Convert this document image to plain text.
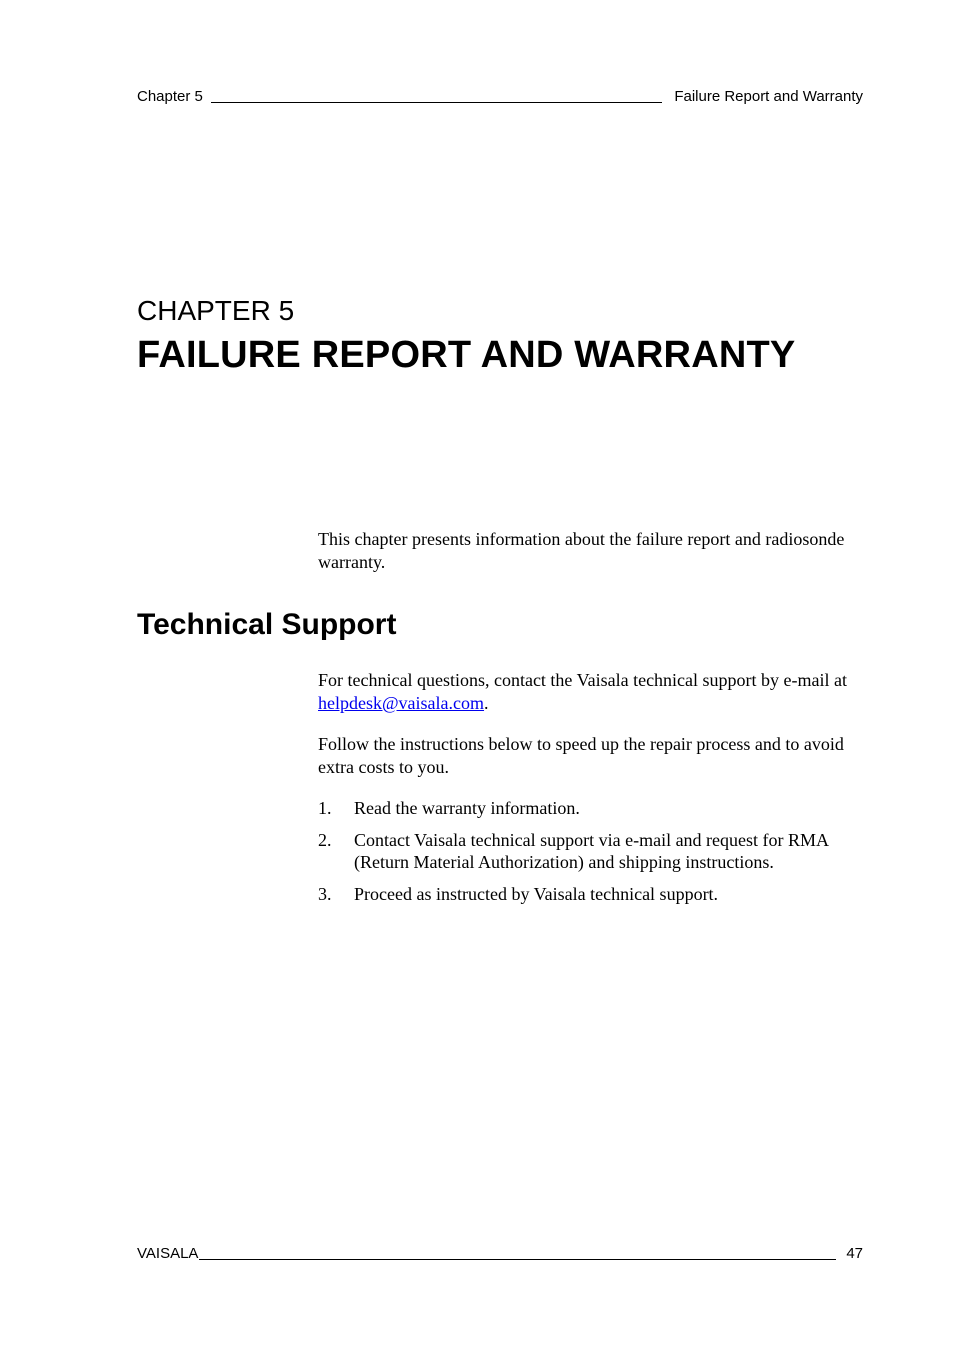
Chapter 5	Failure Report and Warranty
CHAPTER 5
FAILURE REPORT AND WARRANTY

This chapter presents information about the failure report and radiosonde warranty.

Technical Support

For technical questions, contact the Vaisala technical support by e-mail at helpdesk@vaisala.com.

Follow the instructions below to speed up the repair process and to avoid extra costs to you.

1.	Read the warranty information.
2.	Contact Vaisala technical support via e-mail and request for RMA (Return Material Authorization) and shipping instructions.
3.	Proceed as instructed by Vaisala technical support.
VAISALA	47
